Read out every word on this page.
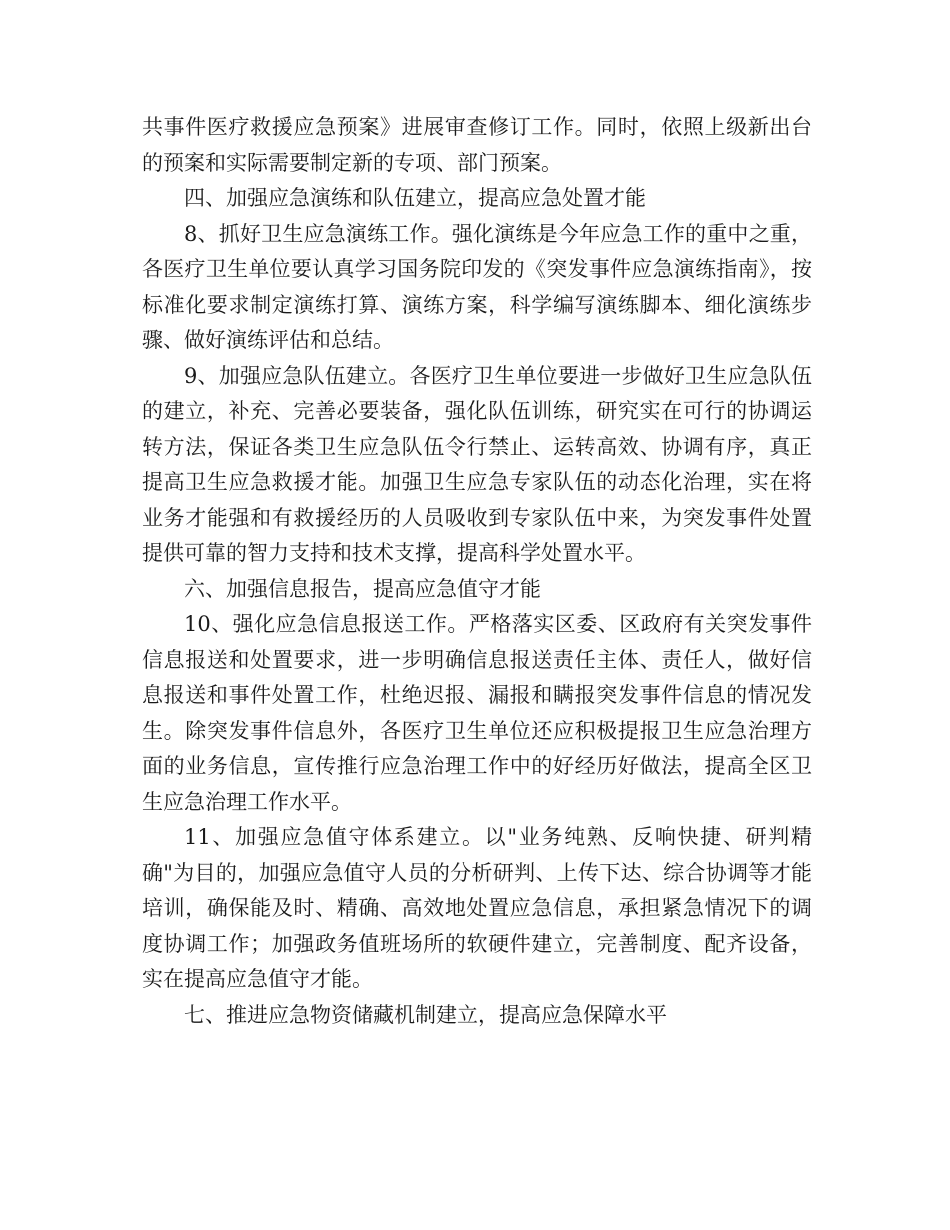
共事件医疗救援应急预案》进展审查修订工作。同时，依照上级新出台的预案和实际需要制定新的专项、部门预案。

四、加强应急演练和队伍建立，提高应急处置才能

8、抓好卫生应急演练工作。强化演练是今年应急工作的重中之重，各医疗卫生单位要认真学习国务院印发的《突发事件应急演练指南》，按标准化要求制定演练打算、演练方案，科学编写演练脚本、细化演练步骤、做好演练评估和总结。

9、加强应急队伍建立。各医疗卫生单位要进一步做好卫生应急队伍的建立，补充、完善必要装备，强化队伍训练，研究实在可行的协调运转方法，保证各类卫生应急队伍令行禁止、运转高效、协调有序，真正提高卫生应急救援才能。加强卫生应急专家队伍的动态化治理，实在将业务才能强和有救援经历的人员吸收到专家队伍中来，为突发事件处置提供可靠的智力支持和技术支撑，提高科学处置水平。

六、加强信息报告，提高应急值守才能

10、强化应急信息报送工作。严格落实区委、区政府有关突发事件信息报送和处置要求，进一步明确信息报送责任主体、责任人，做好信息报送和事件处置工作，杜绝迟报、漏报和瞒报突发事件信息的情况发生。除突发事件信息外，各医疗卫生单位还应积极提报卫生应急治理方面的业务信息，宣传推行应急治理工作中的好经历好做法，提高全区卫生应急治理工作水平。

11、加强应急值守体系建立。以"业务纯熟、反响快捷、研判精确"为目的，加强应急值守人员的分析研判、上传下达、综合协调等才能培训，确保能及时、精确、高效地处置应急信息，承担紧急情况下的调度协调工作；加强政务值班场所的软硬件建立，完善制度、配齐设备，实在提高应急值守才能。

七、推进应急物资储藏机制建立，提高应急保障水平
